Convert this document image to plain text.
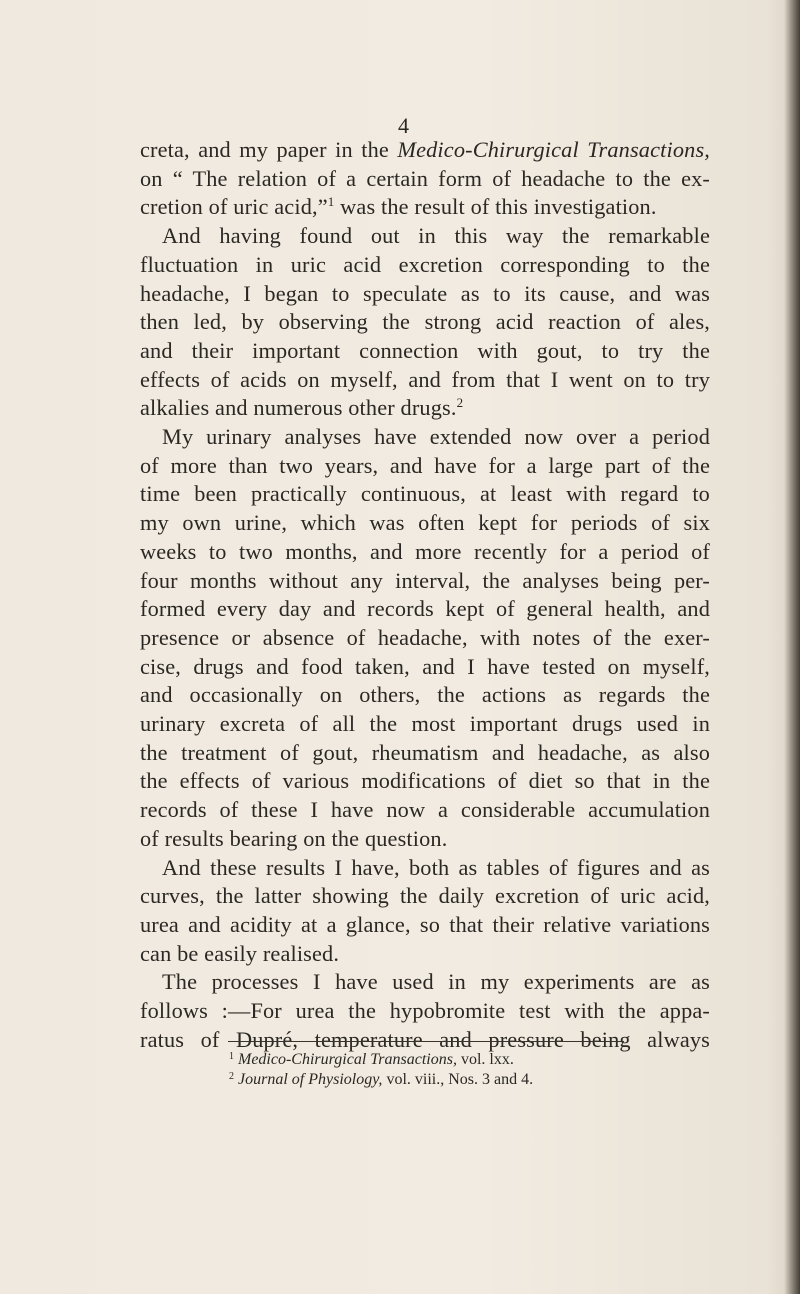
4
creta, and my paper in the Medico-Chirurgical Transactions,
on “ The relation of a certain form of headache to the ex-
cretion of uric acid,”$^1$ was the result of this investigation.
And having found out in this way the remarkable
fluctuation in uric acid excretion corresponding to the
headache, I began to speculate as to its cause, and was
then led, by observing the strong acid reaction of ales,
and their important connection with gout, to try the
effects of acids on myself, and from that I went on to try
alkalies and numerous other drugs.$^2$
My urinary analyses have extended now over a period
of more than two years, and have for a large part of the
time been practically continuous, at least with regard to
my own urine, which was often kept for periods of six
weeks to two months, and more recently for a period of
four months without any interval, the analyses being per-
formed every day and records kept of general health, and
presence or absence of headache, with notes of the exer-
cise, drugs and food taken, and I have tested on myself,
and occasionally on others, the actions as regards the
urinary excreta of all the most important drugs used in
the treatment of gout, rheumatism and headache, as also
the effects of various modifications of diet so that in the
records of these I have now a considerable accumulation
of results bearing on the question.
And these results I have, both as tables of figures and as
curves, the latter showing the daily excretion of uric acid,
urea and acidity at a glance, so that their relative variations
can be easily realised.
The processes I have used in my experiments are as
follows :—For urea the hypobromite test with the appa-
ratus of Dupré, temperature and pressure being always
$^1$ Medico-Chirurgical Transactions, vol. lxx.
$^2$ Journal of Physiology, vol. viii., Nos. 3 and 4.
